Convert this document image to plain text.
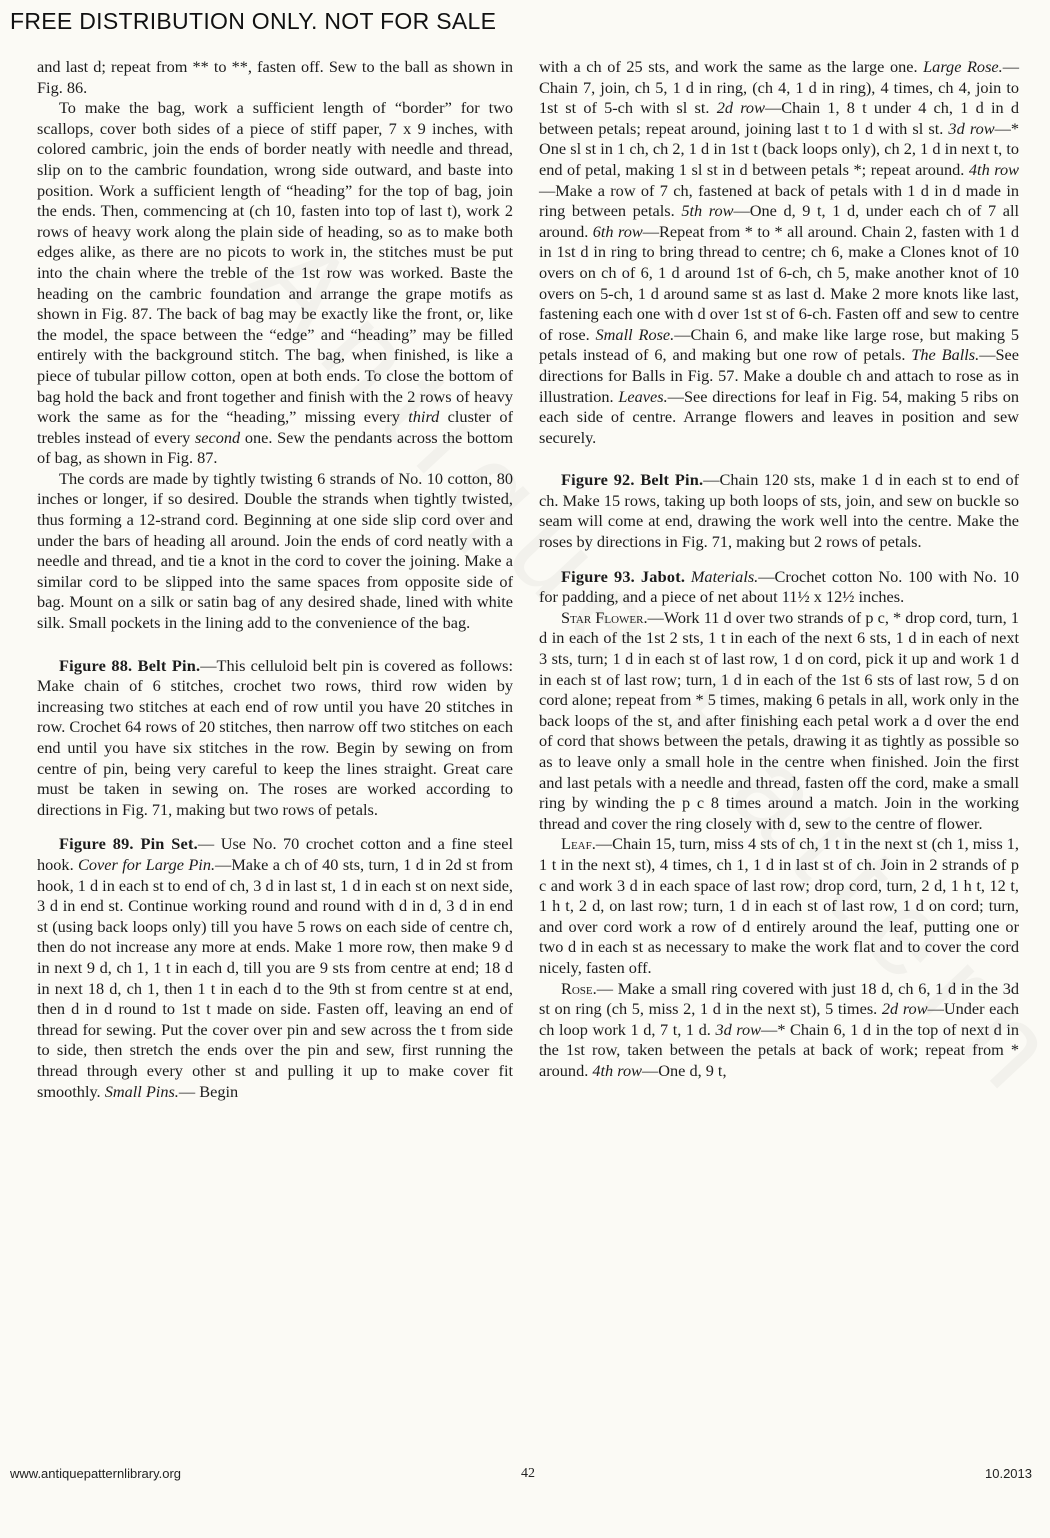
FREE DISTRIBUTION ONLY. NOT FOR SALE

and last d; repeat from ** to **, fasten off. Sew to the ball as shown in Fig. 86.

To make the bag, work a sufficient length of “border” for two scallops, cover both sides of a piece of stiff paper, 7 x 9 inches, with colored cambric, join the ends of border neatly with needle and thread, slip on to the cambric foundation, wrong side outward, and baste into position. Work a sufficient length of “heading” for the top of bag, join the ends. Then, commencing at (ch 10, fasten into top of last t), work 2 rows of heavy work along the plain side of heading, so as to make both edges alike, as there are no picots to work in, the stitches must be put into the chain where the treble of the 1st row was worked. Baste the heading on the cambric foundation and arrange the grape motifs as shown in Fig. 87. The back of bag may be exactly like the front, or, like the model, the space between the “edge” and “heading” may be filled entirely with the background stitch. The bag, when finished, is like a piece of tubular pillow cotton, open at both ends. To close the bottom of bag hold the back and front together and finish with the 2 rows of heavy work the same as for the “heading,” missing every third cluster of trebles instead of every second one. Sew the pendants across the bottom of bag, as shown in Fig. 87.

The cords are made by tightly twisting 6 strands of No. 10 cotton, 80 inches or longer, if so desired. Double the strands when tightly twisted, thus forming a 12-strand cord. Beginning at one side slip cord over and under the bars of heading all around. Join the ends of cord neatly with a needle and thread, and tie a knot in the cord to cover the joining. Make a similar cord to be slipped into the same spaces from opposite side of bag. Mount on a silk or satin bag of any desired shade, lined with white silk. Small pockets in the lining add to the convenience of the bag.

Figure 88. Belt Pin.—This celluloid belt pin is covered as follows: Make chain of 6 stitches, crochet two rows, third row widen by increasing two stitches at each end of row until you have 20 stitches in row. Crochet 64 rows of 20 stitches, then narrow off two stitches on each end until you have six stitches in the row. Begin by sewing on from centre of pin, being very careful to keep the lines straight. Great care must be taken in sewing on. The roses are worked according to directions in Fig. 71, making but two rows of petals.

Figure 89. Pin Set.— Use No. 70 crochet cotton and a fine steel hook. Cover for Large Pin.—Make a ch of 40 sts, turn, 1 d in 2d st from hook, 1 d in each st to end of ch, 3 d in last st, 1 d in each st on next side, 3 d in end st. Continue working round and round with d in d, 3 d in end st (using back loops only) till you have 5 rows on each side of centre ch, then do not increase any more at ends. Make 1 more row, then make 9 d in next 9 d, ch 1, 1 t in each d, till you are 9 sts from centre at end; 18 d in next 18 d, ch 1, then 1 t in each d to the 9th st from centre st at end, then d in d round to 1st t made on side. Fasten off, leaving an end of thread for sewing. Put the cover over pin and sew across the t from side to side, then stretch the ends over the pin and sew, first running the thread through every other st and pulling it up to make cover fit smoothly. Small Pins.— Begin

with a ch of 25 sts, and work the same as the large one. Large Rose.— Chain 7, join, ch 5, 1 d in ring, (ch 4, 1 d in ring), 4 times, ch 4, join to 1st st of 5-ch with sl st. 2d row—Chain 1, 8 t under 4 ch, 1 d in d between petals; repeat around, joining last t to 1 d with sl st. 3d row—* One sl st in 1 ch, ch 2, 1 d in 1st t (back loops only), ch 2, 1 d in next t, to end of petal, making 1 sl st in d between petals *; repeat around. 4th row—Make a row of 7 ch, fastened at back of petals with 1 d in d made in ring between petals. 5th row—One d, 9 t, 1 d, under each ch of 7 all around. 6th row—Repeat from * to * all around. Chain 2, fasten with 1 d in 1st d in ring to bring thread to centre; ch 6, make a Clones knot of 10 overs on ch of 6, 1 d around 1st of 6-ch, ch 5, make another knot of 10 overs on 5-ch, 1 d around same st as last d. Make 2 more knots like last, fastening each one with d over 1st st of 6-ch. Fasten off and sew to centre of rose. Small Rose.—Chain 6, and make like large rose, but making 5 petals instead of 6, and making but one row of petals. The Balls.—See directions for Balls in Fig. 57. Make a double ch and attach to rose as in illustration. Leaves.—See directions for leaf in Fig. 54, making 5 ribs on each side of centre. Arrange flowers and leaves in position and sew securely.

Figure 92. Belt Pin.—Chain 120 sts, make 1 d in each st to end of ch. Make 15 rows, taking up both loops of sts, join, and sew on buckle so seam will come at end, drawing the work well into the centre. Make the roses by directions in Fig. 71, making but 2 rows of petals.

Figure 93. Jabot. Materials.—Crochet cotton No. 100 with No. 10 for padding, and a piece of net about 11½ x 12½ inches.

Star Flower.—Work 11 d over two strands of p c, * drop cord, turn, 1 d in each of the 1st 2 sts, 1 t in each of the next 6 sts, 1 d in each of next 3 sts, turn; 1 d in each st of last row, 1 d on cord, pick it up and work 1 d in each st of last row; turn, 1 d in each of the 1st 6 sts of last row, 5 d on cord alone; repeat from * 5 times, making 6 petals in all, work only in the back loops of the st, and after finishing each petal work a d over the end of cord that shows between the petals, drawing it as tightly as possible so as to leave only a small hole in the centre when finished. Join the first and last petals with a needle and thread, fasten off the cord, make a small ring by winding the p c 8 times around a match. Join in the working thread and cover the ring closely with d, sew to the centre of flower.

Leaf.—Chain 15, turn, miss 4 sts of ch, 1 t in the next st (ch 1, miss 1, 1 t in the next st), 4 times, ch 1, 1 d in last st of ch. Join in 2 strands of p c and work 3 d in each space of last row; drop cord, turn, 2 d, 1 h t, 12 t, 1 h t, 2 d, on last row; turn, 1 d in each st of last row, 1 d on cord; turn, and over cord work a row of d entirely around the leaf, putting one or two d in each st as necessary to make the work flat and to cover the cord nicely, fasten off.

Rose.— Make a small ring covered with just 18 d, ch 6, 1 d in the 3d st on ring (ch 5, miss 2, 1 d in the next st), 5 times. 2d row—Under each ch loop work 1 d, 7 t, 1 d. 3d row—* Chain 6, 1 d in the top of next d in the 1st row, taken between the petals at back of work; repeat from * around. 4th row—One d, 9 t,

www.antiquepatternlibrary.org	42	10.2013
